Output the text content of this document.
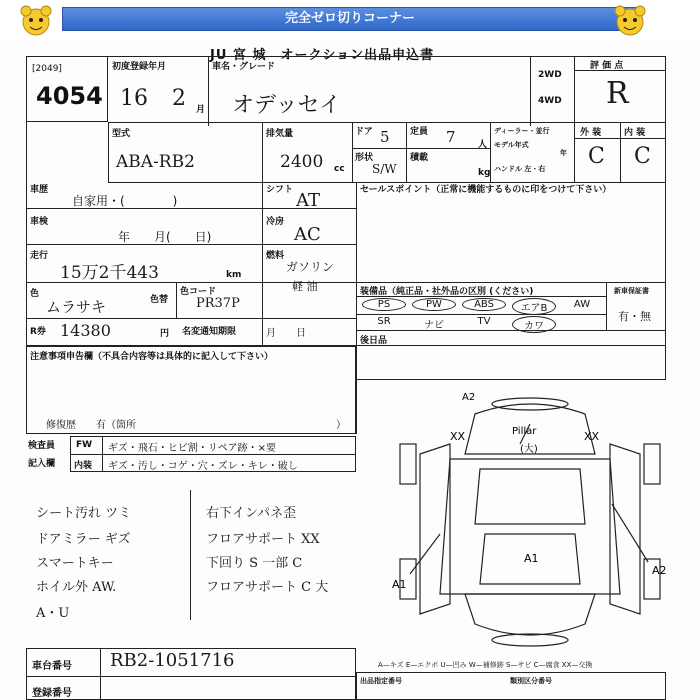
完全ゼロ切りコーナー
JU 宮 城　オークション出品申込書
[2049]
4054
初度登録年月
16 2 月
車名・グレード
オデッセイ
2WD
4WD
評 価 点
R
型式
ABA-RB2
排気量
2400 cc
ドア 5 定員 7 人
形状
S/W
積載
kg
ディーラー・並行
モデル年式
年
ハンドル 左・右
外 装	内 装
C C
車歴
自家用・(　　　　)
シフト AT
車検
年　　月(　　日)
冷房
AC
走行
15万2千443	km
燃料
ガソリン
軽 油
色
ムラサキ	色替
色コード
PR37P
R券 14380	円 名変通知期限	月　　日
セールスポイント（正常に機能するものに印をつけて下さい）
装備品（純正品・社外品の区別 (ください)	新車保証書
PS	PW	ABS	エアB	AW
SR	ナビ	TV	カワ
有・無
後日品
注意事項申告欄（不具合内容等は具体的に記入して下さい）
修復歴　　有（箇所	）
検査員 FW ギズ・飛石・ヒビ割・リペア跡・×要
記入欄 内装 ギズ・汚し・コゲ・穴・ズレ・キレ・破し
シート汚れ ツミ
ドアミラー ギズ
スマートキー
ホイル外 AW.
A・U
右下インパネ歪
フロアサポート XX
下回り S 一部 C
フロアサポート C 大
A2
XX	Pillar
(大)
XX
A1
A1
A2
A—キズ E—エクボ U—凹み W—補修跡 S—サビ C—腐食 XX—交換
車台番号 RB2-1051716
登録番号
出品指定番号	類別区分番号
